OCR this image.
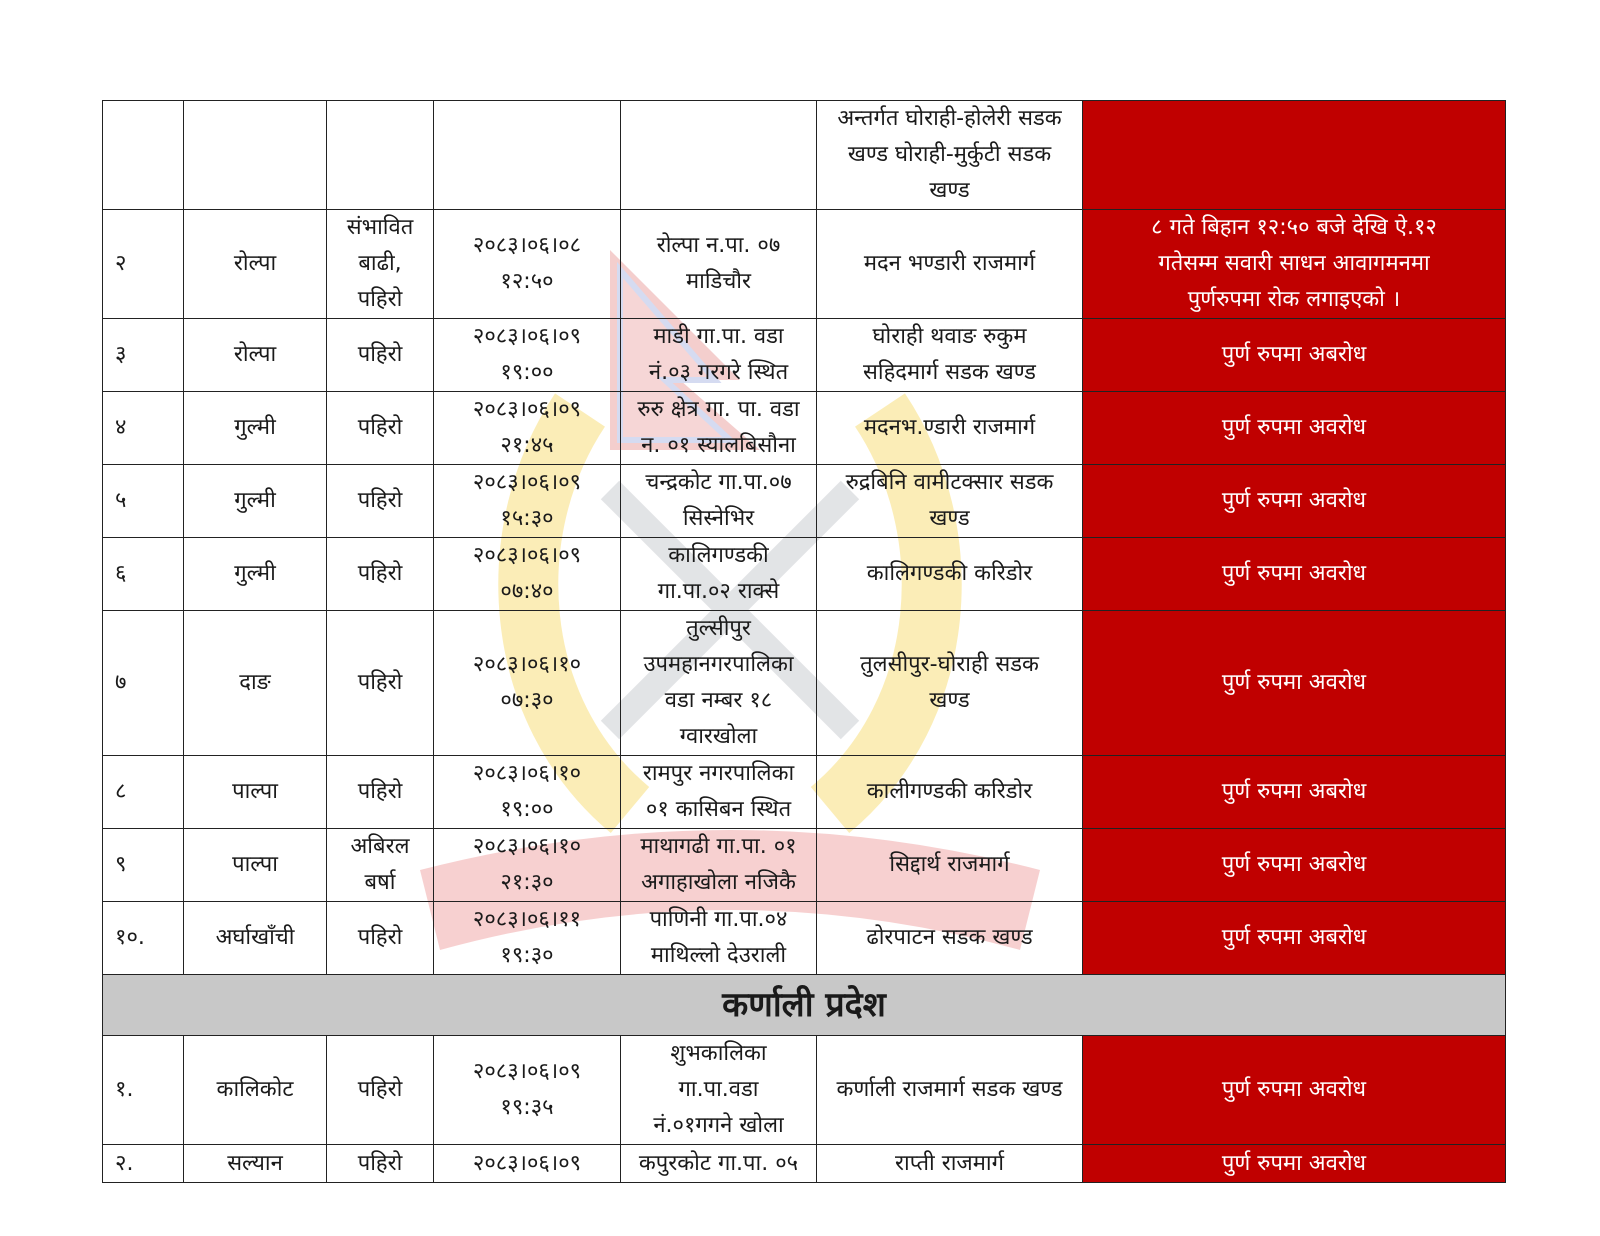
					अन्तर्गत घोराही-होलेरी सडक
खण्ड घोराही-मुर्कुटी सडक
खण्ड	

२	रोल्पा	संभावित
बाढी,
पहिरो	२०८३।०६।०८
१२:५०	रोल्पा न.पा. ०७
माडिचौर	मदन भण्डारी राजमार्ग	८ गते बिहान १२:५० बजे देखि ऐ.१२
गतेसम्म सवारी साधन आवागमनमा
पुर्णरुपमा रोक लगाइएको ।

३	रोल्पा	पहिरो	२०८३।०६।०९
१९:००	माडी गा.पा. वडा
नं.०३ गरगरे स्थित	घोराही थवाङ रुकुम
सहिदमार्ग सडक खण्ड	पुर्ण रुपमा अबरोध

४	गुल्मी	पहिरो	२०८३।०६।०९
२१:४५	रुरु क्षेत्र गा. पा. वडा
न. ०१ स्यालबिसौना	मदनभ.ण्डारी राजमार्ग	पुर्ण रुपमा अवरोध

५	गुल्मी	पहिरो	२०८३।०६।०९
१५:३०	चन्द्रकोट गा.पा.०७
सिस्नेभिर	रुद्रबिनि वामीटक्सार सडक
खण्ड	पुर्ण रुपमा अवरोध

६	गुल्मी	पहिरो	२०८३।०६।०९
०७:४०	कालिगण्डकी
गा.पा.०२ राक्से	कालिगण्डकी करिडोर	पुर्ण रुपमा अवरोध

७	दाङ	पहिरो	२०८३।०६।१०
०७:३०	तुल्सीपुर
उपमहानगरपालिका
वडा नम्बर १८
ग्वारखोला	तुलसीपुर-घोराही सडक
खण्ड	पुर्ण रुपमा अवरोध

८	पाल्पा	पहिरो	२०८३।०६।१०
१९:००	रामपुर नगरपालिका
०१ कासिबन स्थित	कालीगण्डकी करिडोर	पुर्ण रुपमा अबरोध

९	पाल्पा	अबिरल
बर्षा	२०८३।०६।१०
२१:३०	माथागढी गा.पा. ०१
अगाहाखोला नजिकै	सिद्दार्थ राजमार्ग	पुर्ण रुपमा अबरोध

१०.	अर्घाखाँची	पहिरो	२०८३।०६।११
१९:३०	पाणिनी गा.पा.०४
माथिल्लो देउराली	ढोरपाटन सडक खण्ड	पुर्ण रुपमा अबरोध

कर्णाली प्रदेश						

१.	कालिकोट	पहिरो	२०८३।०६।०९
१९:३५	शुभकालिका
गा.पा.वडा
नं.०१गगने खोला	कर्णाली राजमार्ग सडक खण्ड	पुर्ण रुपमा अवरोध

२.	सल्यान	पहिरो	२०८३।०६।०९	कपुरकोट गा.पा. ०५	राप्ती राजमार्ग	पुर्ण रुपमा अवरोध
